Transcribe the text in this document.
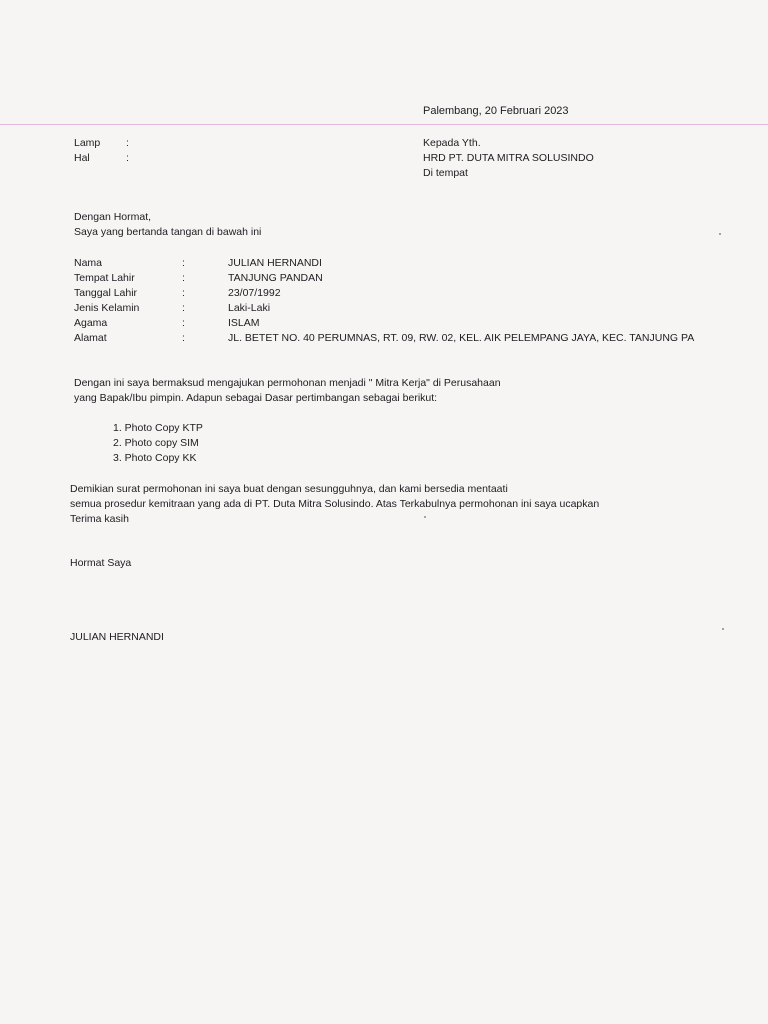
Palembang, 20 Februari 2023
Lamp	:
Hal	:
Kepada Yth.
HRD PT. DUTA MITRA SOLUSINDO
Di tempat
Dengan Hormat,
Saya yang bertanda tangan di bawah ini
Nama	:	JULIAN HERNANDI
Tempat Lahir	:	TANJUNG PANDAN
Tanggal Lahir	:	23/07/1992
Jenis Kelamin	:	Laki-Laki
Agama	:	ISLAM
Alamat	:	JL. BETET NO. 40 PERUMNAS, RT. 09, RW. 02, KEL. AIK PELEMPANG JAYA, KEC. TANJUNG PA
Dengan ini saya bermaksud mengajukan permohonan menjadi " Mitra Kerja" di Perusahaan
yang Bapak/Ibu pimpin. Adapun sebagai Dasar pertimbangan sebagai berikut:
1. Photo Copy KTP
2. Photo copy SIM
3. Photo Copy KK
Demikian surat permohonan ini saya buat dengan sesungguhnya, dan kami bersedia mentaati
semua prosedur kemitraan yang ada di PT. Duta Mitra Solusindo. Atas Terkabulnya permohonan ini saya ucapkan
Terima kasih
Hormat Saya
JULIAN HERNANDI
